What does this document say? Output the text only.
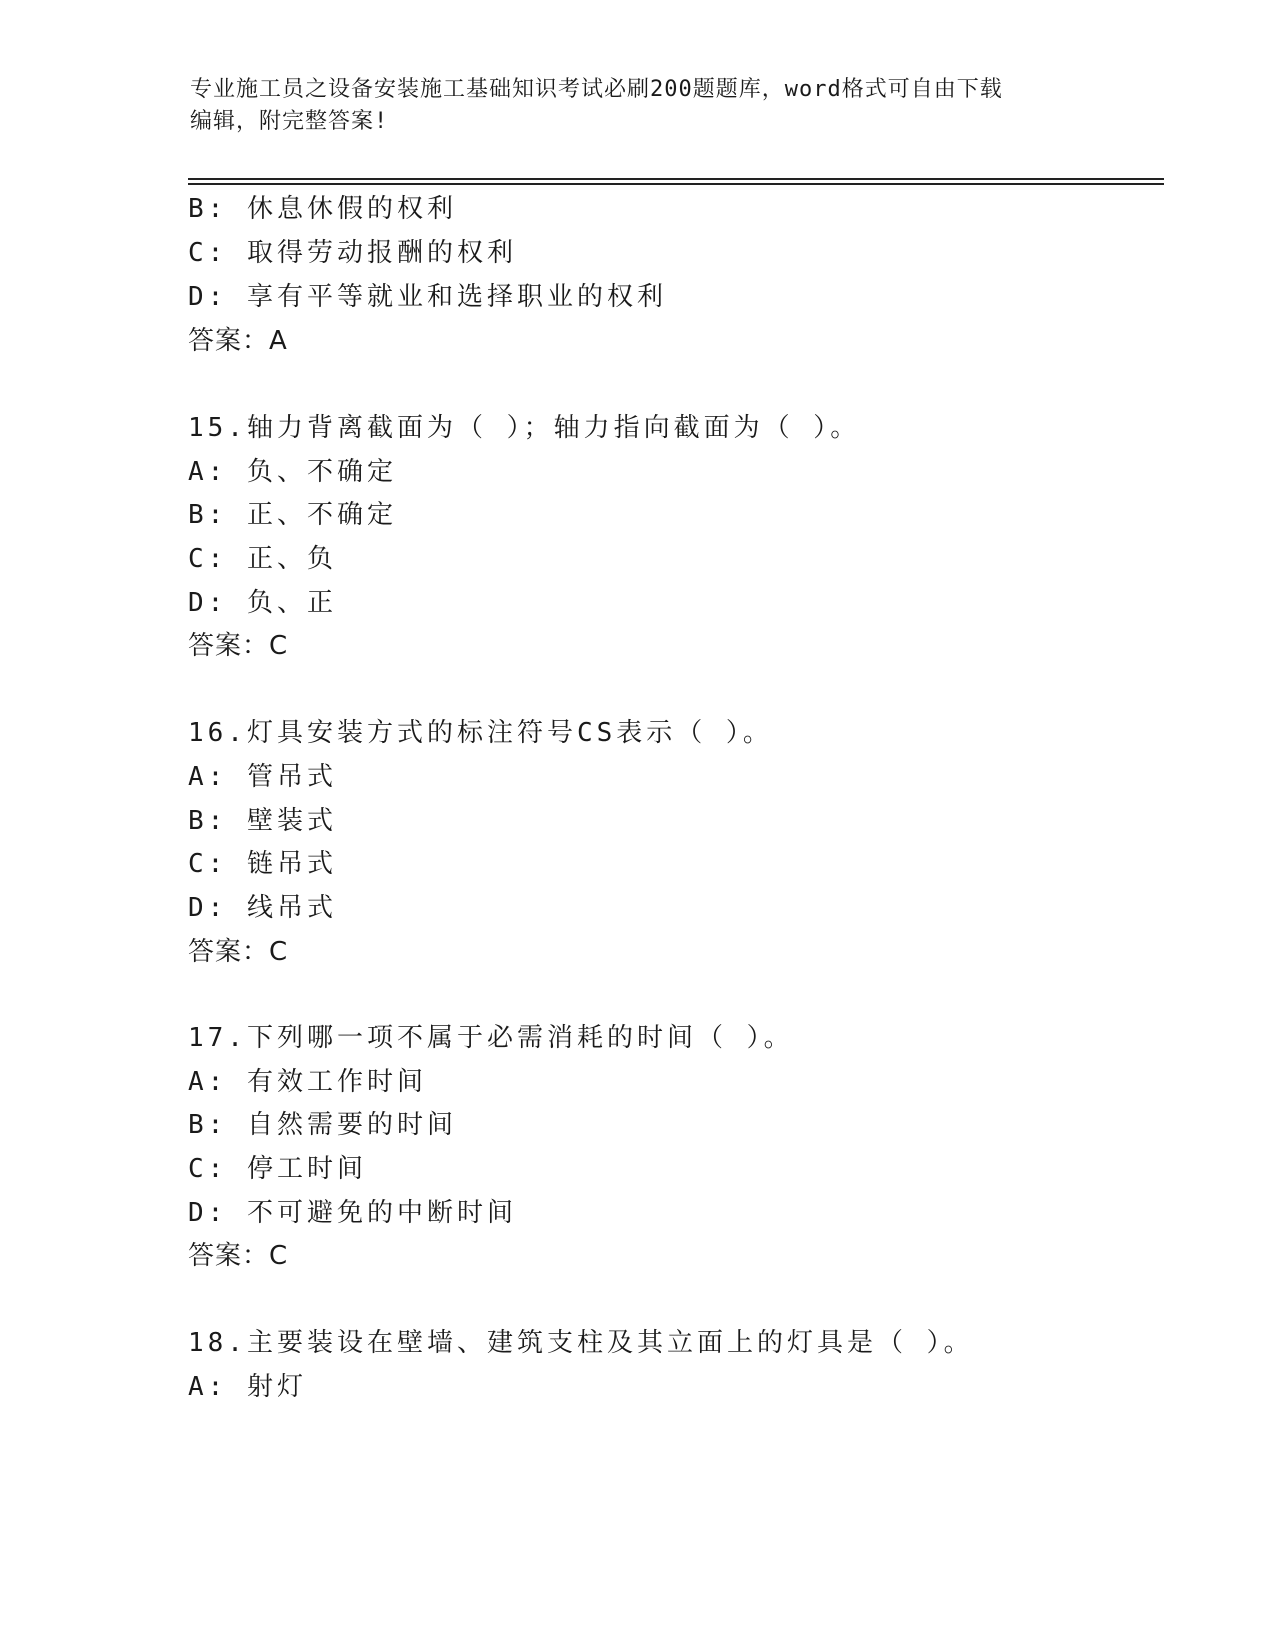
专业施工员之设备安装施工基础知识考试必刷200题题库，word格式可自由下载
编辑，附完整答案!
B: 休息休假的权利
C: 取得劳动报酬的权利
D: 享有平等就业和选择职业的权利
答案：A
15.轴力背离截面为（ ）；轴力指向截面为（ ）。
A: 负、不确定
B: 正、不确定
C: 正、负
D: 负、正
答案：C
16.灯具安装方式的标注符号CS表示（ ）。
A: 管吊式
B: 壁装式
C: 链吊式
D: 线吊式
答案：C
17.下列哪一项不属于必需消耗的时间（ ）。
A: 有效工作时间
B: 自然需要的时间
C: 停工时间
D: 不可避免的中断时间
答案：C
18.主要装设在壁墙、建筑支柱及其立面上的灯具是（ ）。
A: 射灯
